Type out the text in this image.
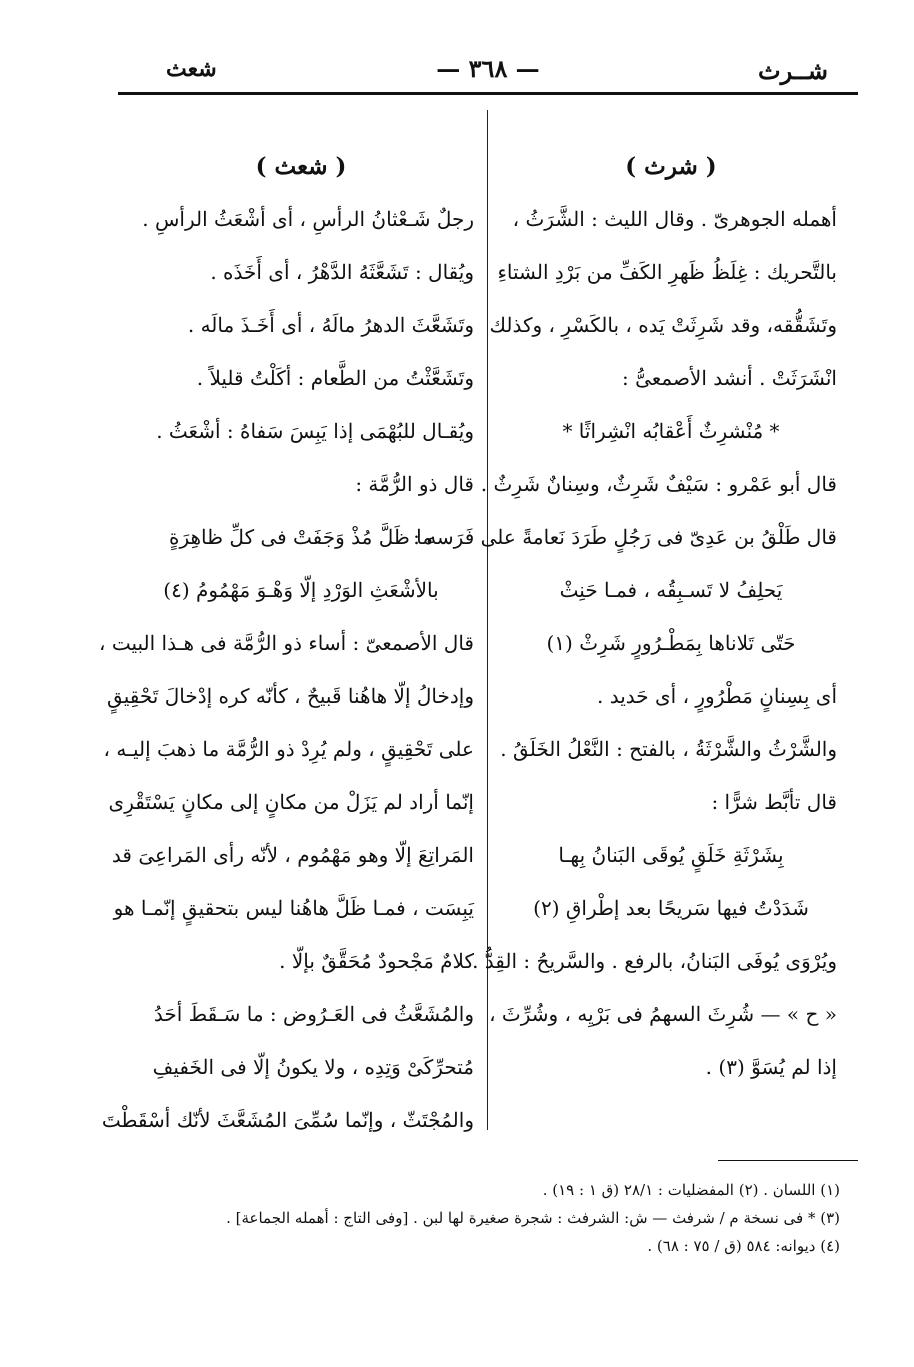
شــرث
— ٣٦٨ —
شعث
( شرث )
أهمله الجوهرىّ . وقال الليث : الشَّرَثُ ،
بالتَّحريك : غِلَظُ ظَهرِ الكَفِّ من بَرْدِ الشتاءِ
وتَشَقُّقه، وقد شَرِثَتْ يَده ، بالكَسْرِ ، وكذلك
انْشَرَثَتْ . أنشد الأصمعىُّ :
* مُنْشرِثٌ أَعْقابُه انْشِراثًا *
قال أبو عَمْرو : سَيْفٌ شَرِثٌ، وسِنانٌ شَرِثٌ .
قال طَلْقُ بن عَدِىّ فى رَجُلٍ طَرَدَ نَعامةً على فَرَسه :
يَحلِفُ لا تَسـبِقُه ، فمـا حَنِثْ
حَتّى تَلاناها بِمَطْـرُورٍ شَرِثْ (١)
أى بِسِنانٍ مَطْرُورٍ ، أى حَديد .
والشَّرْثُ والشَّرْثَةُ ، بالفتح : النَّعْلُ الخَلَقُ .
قال تأبَّط شرًّا :
بِشَرْثَةِ خَلَقٍ يُوقَى البَنانُ بِهـا
شَدَدْتُ فيها سَريحًا بعد إطْراقِ (٢)
ويُرْوَى يُوفَى البَنانُ، بالرفع . والسَّريحُ : القِدُّ .
« ح » — شُرِثَ السهمُ فى بَرْيِه ، وشُرِّثَ ،
إذا لم يُسَوَّ (٣) .
( شعث )
رجلٌ شَـعْثانُ الرأسِ ، أى أشْعَثُ الرأسِ .
ويُقال : تَشَعَّثَهُ الدَّهْرُ ، أى أَخَذَه .
وتَشَعَّثَ الدهرُ مالَهُ ، أى أَخَـذَ مالَه .
وتَشَعَّثْتُ من الطَّعام : أكَلْتُ قليلاً .
ويُقـال للبُهْمَى إذا يَبِسَ سَفاهُ : أشْعَثُ .
قال ذو الرُّمَّة :
ما ظَلَّ مُذْ وَجَفَتْ فى كلِّ ظاهِرَةٍ
بالأشْعَثِ الوَرْدِ إلّا وَهْـوَ مَهْمُومُ (٤)
قال الأصمعىّ : أساء ذو الرُّمَّة فى هـذا البيت ،
وإدخالُ إلّا هاهُنا قَبيحٌ ، كأنّه كره إدْخالَ تَحْقِيقٍ
على تَحْقِيقٍ ، ولم يُرِدْ ذو الرُّمَّة ما ذهبَ إليـه ،
إنّما أراد لم يَزَلْ من مكانٍ إلى مكانٍ يَسْتَقْرِى
المَراتِعَ إلّا وهو مَهْمُوم ، لأنّه رأى المَراعِىَ قد
يَبِسَت ، فمـا ظَلَّ هاهُنا ليس بتحقيقٍ إنّمـا هو
كلامٌ مَجْحودٌ مُحَقَّقٌ بإلّا .
والمُشَعَّثُ فى العَـرُوض : ما سَـقَطَ أحَدُ
مُتحرِّكَىْ وَتِدِه ، ولا يكونُ إلّا فى الخَفيفِ
والمُجْتَثّ ، وإنّما سُمِّىَ المُشَعَّثَ لأنّك أسْقَطْتَ
(١) اللسان . (٢) المفضليات : ٢٨/١ (ق ١ : ١٩) .
(٣) * فى نسخة م / شرفث — ش: الشرفث : شجرة صغيرة لها لبن . [وفى التاج : أهمله الجماعة] .
(٤) ديوانه: ٥٨٤ (ق / ٧٥ : ٦٨) .
